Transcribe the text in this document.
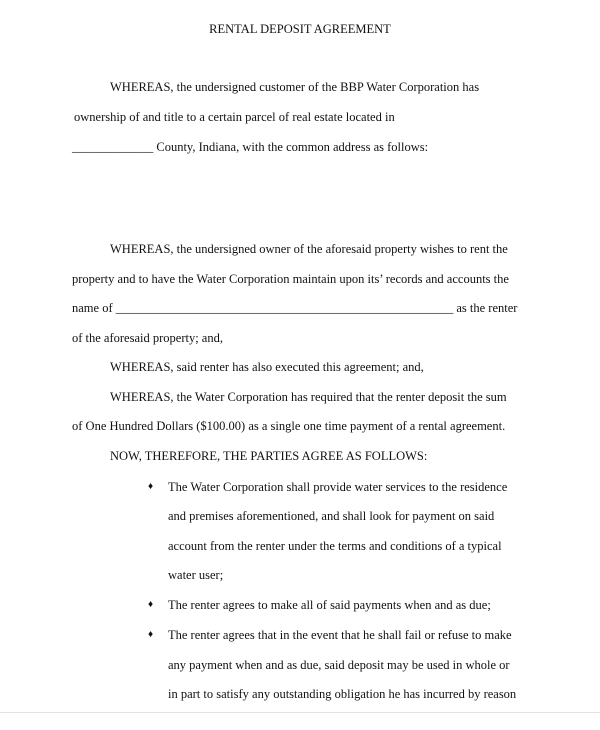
RENTAL DEPOSIT AGREEMENT

WHEREAS, the undersigned customer of the BBP Water Corporation has

ownership of and title to a certain parcel of real estate located in

_____________ County, Indiana, with the common address as follows:

WHEREAS, the undersigned owner of the aforesaid property wishes to rent the

property and to have the Water Corporation maintain upon its’ records and accounts the

name of ______________________________________________________ as the renter

of the aforesaid property; and,

WHEREAS, said renter has also executed this agreement; and,

WHEREAS, the Water Corporation has required that the renter deposit the sum

of One Hundred Dollars ($100.00) as a single one time payment of a rental agreement.

NOW, THEREFORE, THE PARTIES AGREE AS FOLLOWS:

♦ The Water Corporation shall provide water services to the residence

and premises aforementioned, and shall look for payment on said

account from the renter under the terms and conditions of a typical

water user;

♦ The renter agrees to make all of said payments when and as due;

♦ The renter agrees that in the event that he shall fail or refuse to make

any payment when and as due, said deposit may be used in whole or

in part to satisfy any outstanding obligation he has incurred by reason
